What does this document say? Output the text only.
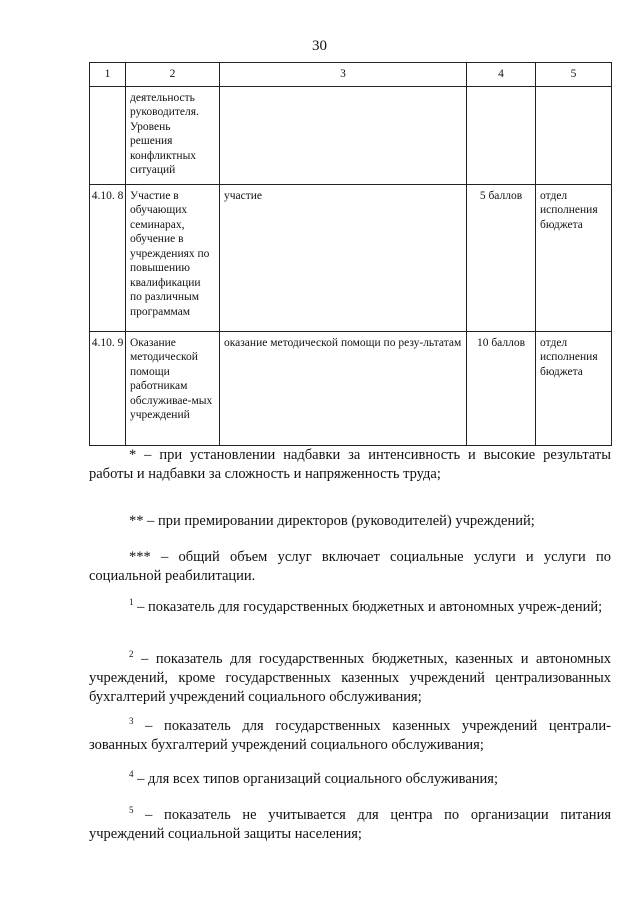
30
1	2	3	4	5
	деятельность руководителя. Уровень решения конфликтных ситуаций			
4.10. 8	Участие в обучающих семинарах, обучение в учреждениях по повышению квалификации по различным программам	участие	5 баллов	отдел исполнения бюджета
4.10. 9	Оказание методической помощи работникам обслуживае-мых учреждений	оказание методической помощи по резу-льтатам	10 баллов	отдел исполнения бюджета

* – при установлении надбавки за интенсивность и высокие результаты работы и надбавки за сложность и напряженность труда;

** – при премировании директоров (руководителей) учреждений;

*** – общий объем услуг включает социальные услуги и услуги по социальной реабилитации.

$^1$ – показатель для государственных бюджетных и автономных учреж-дений;

$^2$ – показатель для государственных бюджетных, казенных и автономных учреждений, кроме государственных казенных учреждений централизованных бухгалтерий учреждений социального обслуживания;

$^3$ – показатель для государственных казенных учреждений централи-зованных бухгалтерий учреждений социального обслуживания;

$^4$ – для всех типов организаций социального обслуживания;

$^5$ – показатель не учитывается для центра по организации питания учреждений социальной защиты населения;
